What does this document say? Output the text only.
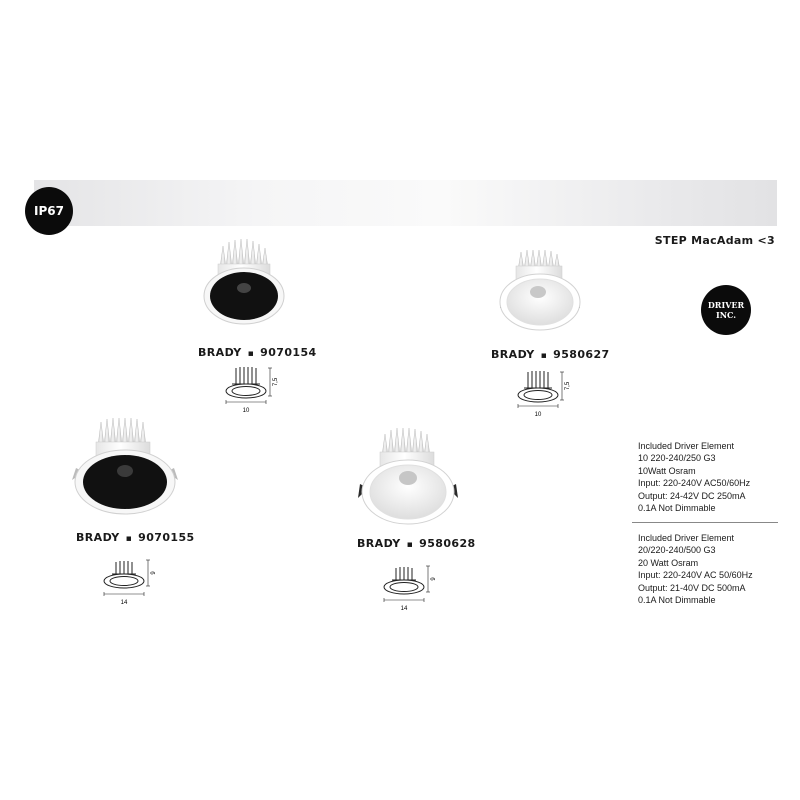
IP67
STEP MacAdam <3
DRIVER
INC.
BRADY ▪ 9070154	BRADY ▪ 9580627
BRADY ▪ 9070155	BRADY ▪ 9580628
10
7,5
10
7,5
14
9
14
9
Included Driver Element
10 220-240/250 G3
10Watt Osram
Input: 220-240V AC50/60Hz
Output: 24-42V DC 250mA
0.1A Not Dimmable
Included Driver Element
20/220-240/500 G3
20 Watt Osram
Input: 220-240V AC 50/60Hz
Output: 21-40V DC 500mA
0.1A Not Dimmable
